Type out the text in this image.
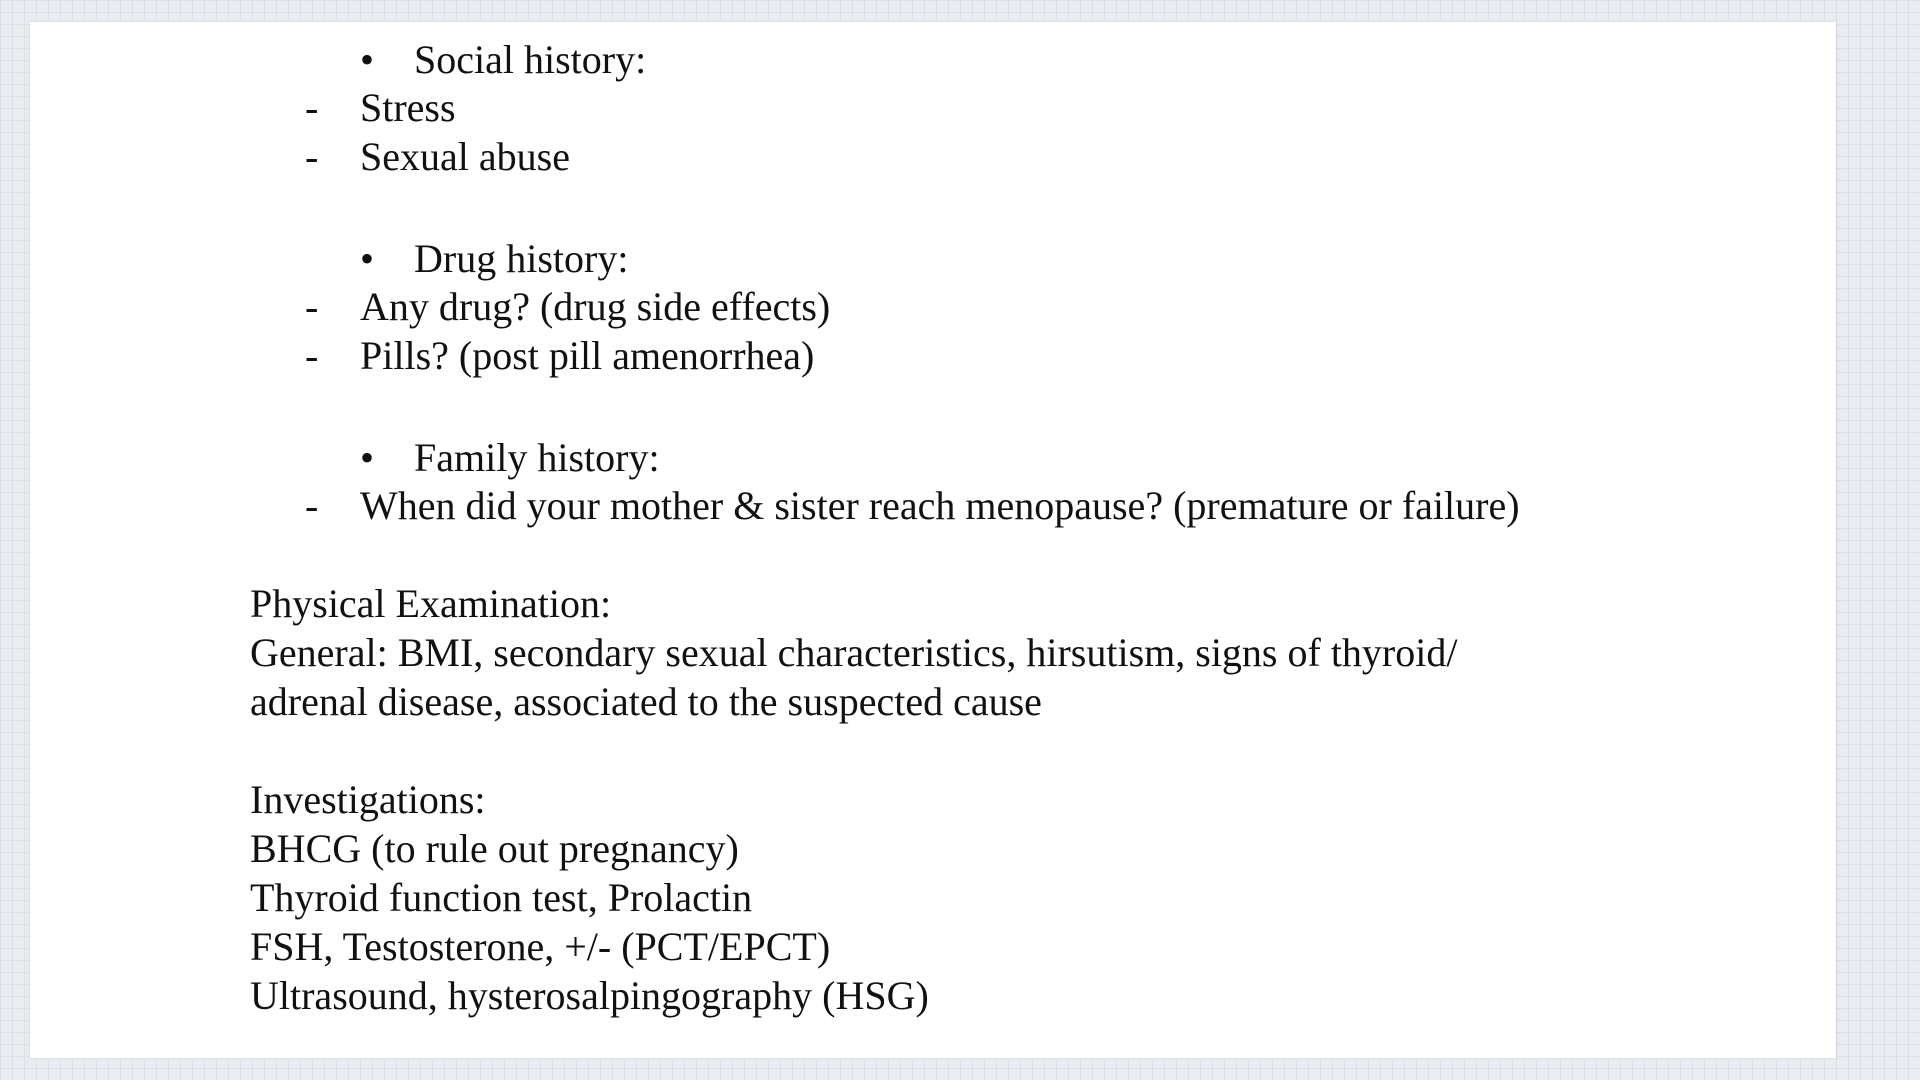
• Social history:
- Stress
- Sexual abuse
• Drug history:
- Any drug? (drug side effects)
- Pills? (post pill amenorrhea)
• Family history:
- When did your mother & sister reach menopause? (premature or failure)
Physical Examination:
General: BMI, secondary sexual characteristics, hirsutism, signs of thyroid/
adrenal disease, associated to the suspected cause
Investigations:
BHCG (to rule out pregnancy)
Thyroid function test, Prolactin
FSH, Testosterone, +/- (PCT/EPCT)
Ultrasound, hysterosalpingography (HSG)
